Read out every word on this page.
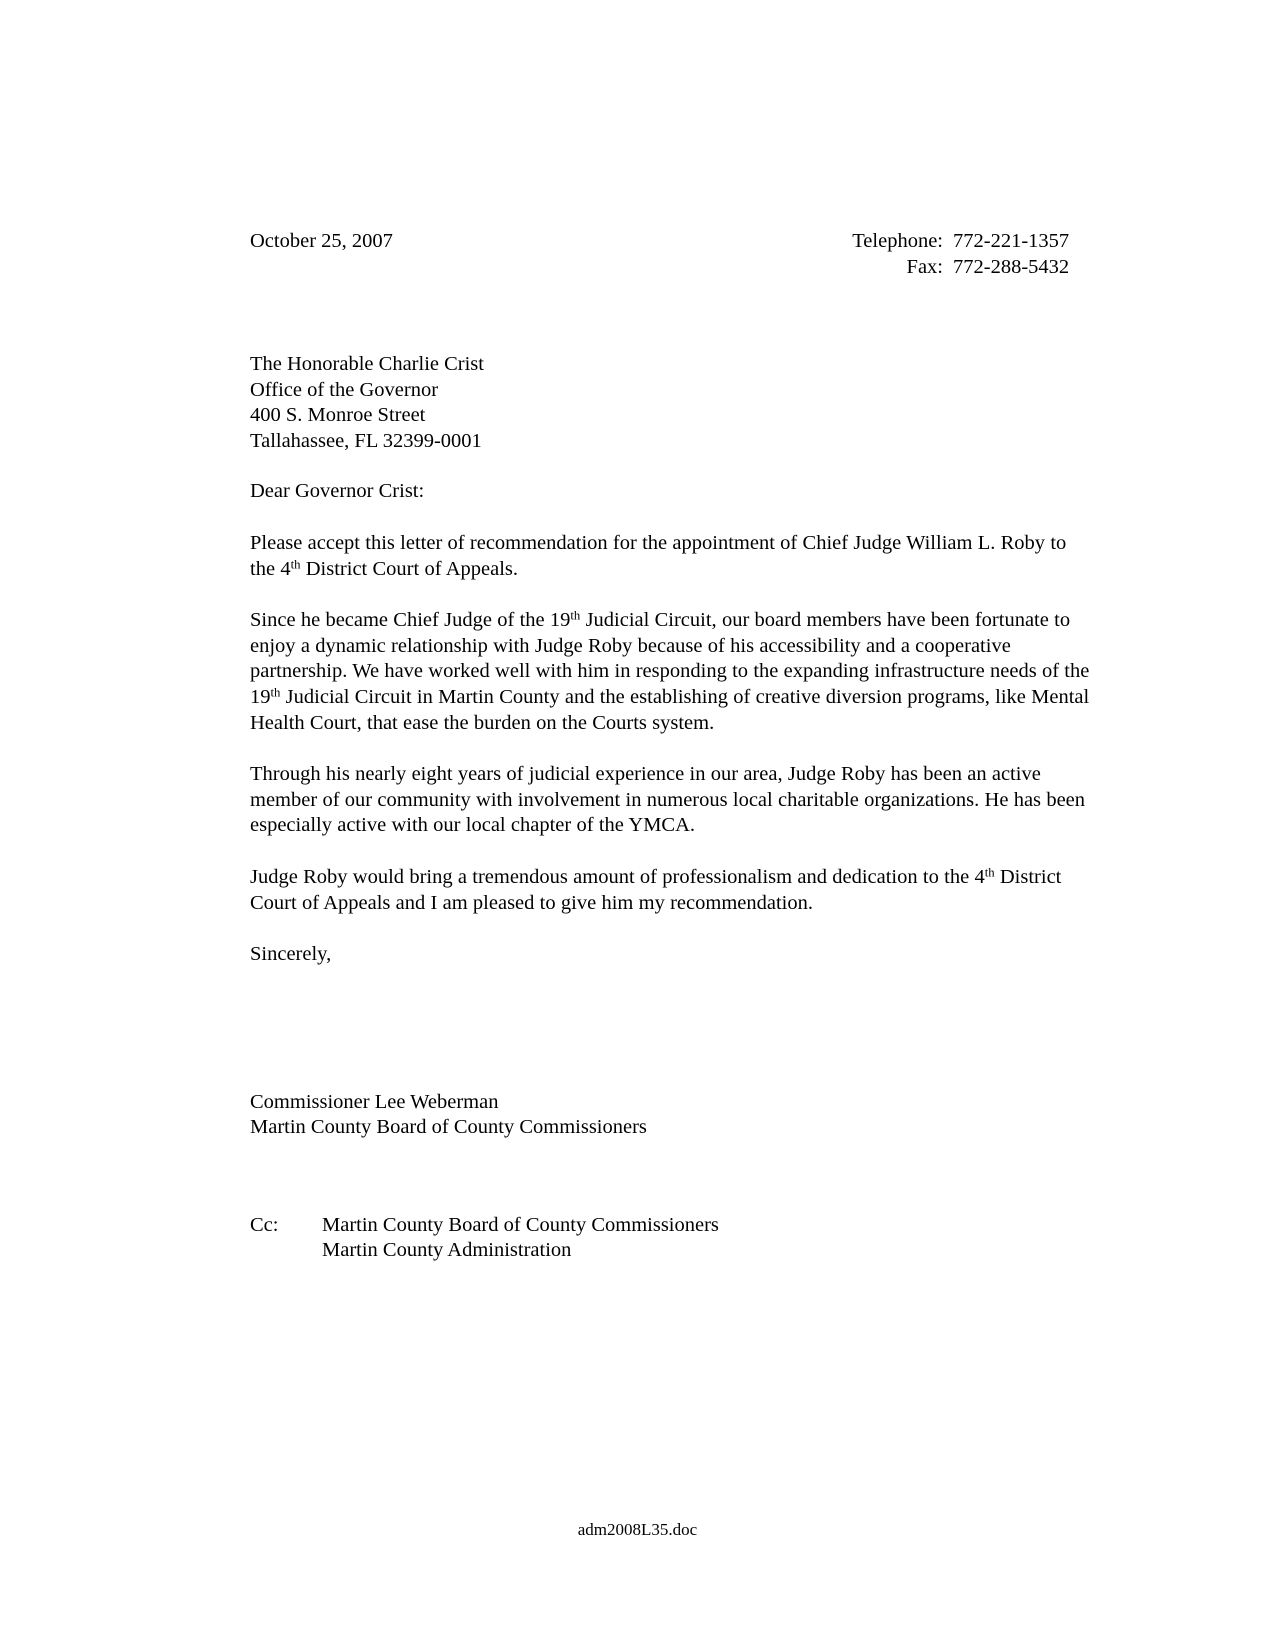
October 25, 2007	Telephone: 772-221-1357
Fax: 772-288-5432
The Honorable Charlie Crist
Office of the Governor
400 S. Monroe Street
Tallahassee, FL 32399-0001
Dear Governor Crist:

Please accept this letter of recommendation for the appointment of Chief Judge William L. Roby to the 4th District Court of Appeals.

Since he became Chief Judge of the 19th Judicial Circuit, our board members have been fortunate to enjoy a dynamic relationship with Judge Roby because of his accessibility and a cooperative partnership. We have worked well with him in responding to the expanding infrastructure needs of the 19th Judicial Circuit in Martin County and the establishing of creative diversion programs, like Mental Health Court, that ease the burden on the Courts system.

Through his nearly eight years of judicial experience in our area, Judge Roby has been an active member of our community with involvement in numerous local charitable organizations. He has been especially active with our local chapter of the YMCA.

Judge Roby would bring a tremendous amount of professionalism and dedication to the 4th District Court of Appeals and I am pleased to give him my recommendation.

Sincerely,
Commissioner Lee Weberman
Martin County Board of County Commissioners
Cc:	Martin County Board of County Commissioners
Martin County Administration
adm2008L35.doc
